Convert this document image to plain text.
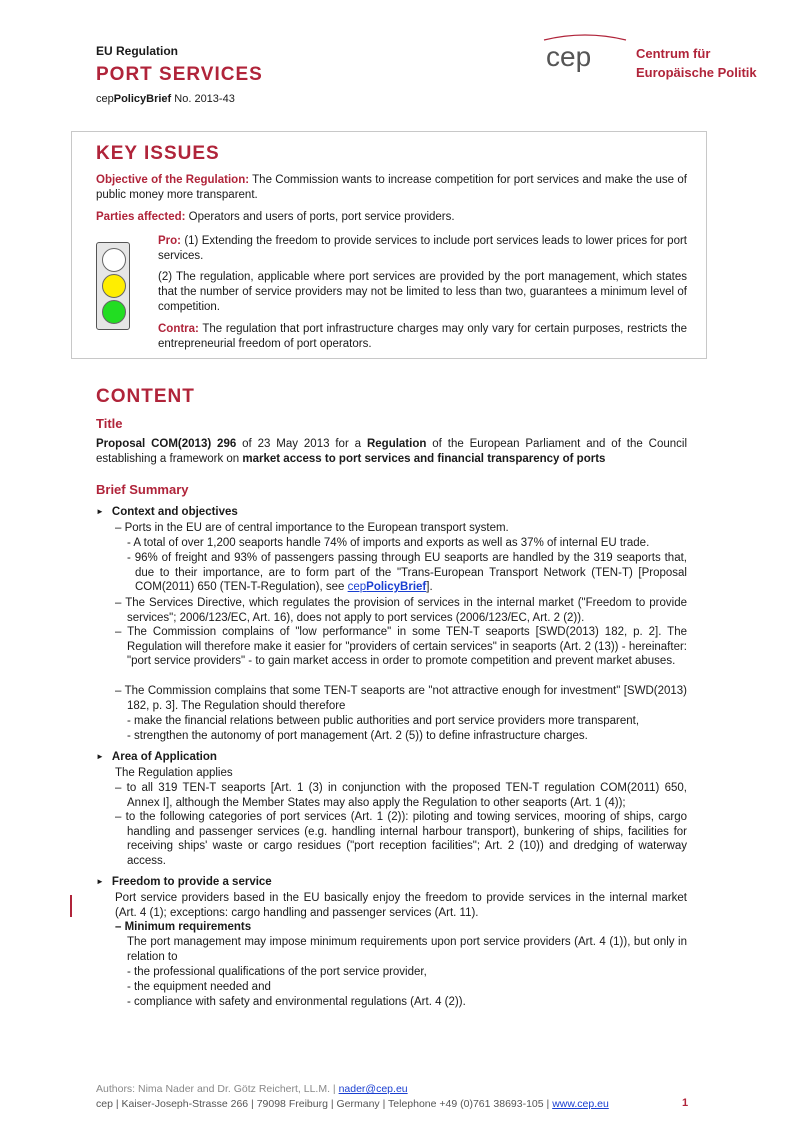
EU Regulation
PORT SERVICES
cepPolicyBrief No. 2013-43
cep	Centrum für
Europäische Politik
KEY ISSUES
Objective of the Regulation: The Commission wants to increase competition for port services and make the use of public money more transparent.
Parties affected: Operators and users of ports, port service providers.
Pro: (1) Extending the freedom to provide services to include port services leads to lower prices for port services.
(2) The regulation, applicable where port services are provided by the port management, which states that the number of service providers may not be limited to less than two, guarantees a minimum level of competition.
Contra: The regulation that port infrastructure charges may only vary for certain purposes, restricts the entrepreneurial freedom of port operators.
CONTENT
Title
Proposal COM(2013) 296 of 23 May 2013 for a Regulation of the European Parliament and of the Council establishing a framework on market access to port services and financial transparency of ports
Brief Summary
► Context and objectives
– Ports in the EU are of central importance to the European transport system.
- A total of over 1,200 seaports handle 74% of imports and exports as well as 37% of internal EU trade.
- 96% of freight and 93% of passengers passing through EU seaports are handled by the 319 seaports that, due to their importance, are to form part of the "Trans-European Transport Network (TEN-T) [Proposal COM(2011) 650 (TEN-T-Regulation), see cepPolicyBrief].
– The Services Directive, which regulates the provision of services in the internal market ("Freedom to provide services"; 2006/123/EC, Art. 16), does not apply to port services (2006/123/EC, Art. 2 (2)).
– The Commission complains of "low performance" in some TEN-T seaports [SWD(2013) 182, p. 2]. The Regulation will therefore make it easier for "providers of certain services" in seaports (Art. 2 (13)) - hereinafter: "port service providers" - to gain market access in order to promote competition and prevent market abuses.
– The Commission complains that some TEN-T seaports are "not attractive enough for investment" [SWD(2013) 182, p. 3]. The Regulation should therefore
- make the financial relations between public authorities and port service providers more transparent,
- strengthen the autonomy of port management (Art. 2 (5)) to define infrastructure charges.
► Area of Application
The Regulation applies
– to all 319 TEN-T seaports [Art. 1 (3) in conjunction with the proposed TEN-T regulation COM(2011) 650, Annex I], although the Member States may also apply the Regulation to other seaports (Art. 1 (4));
– to the following categories of port services (Art. 1 (2)): piloting and towing services, mooring of ships, cargo handling and passenger services (e.g. handling internal harbour transport), bunkering of ships, facilities for receiving ships' waste or cargo residues ("port reception facilities"; Art. 2 (10)) and dredging of waterway access.
► Freedom to provide a service
Port service providers based in the EU basically enjoy the freedom to provide services in the internal market (Art. 4 (1); exceptions: cargo handling and passenger services (Art. 11).
– Minimum requirements
The port management may impose minimum requirements upon port service providers (Art. 4 (1)), but only in relation to
- the professional qualifications of the port service provider,
- the equipment needed and
- compliance with safety and environmental regulations (Art. 4 (2)).
Authors: Nima Nader and Dr. Götz Reichert, LL.M. | nader@cep.eu
cep | Kaiser-Joseph-Strasse 266 | 79098 Freiburg | Germany | Telephone +49 (0)761 38693-105 | www.cep.eu	1
